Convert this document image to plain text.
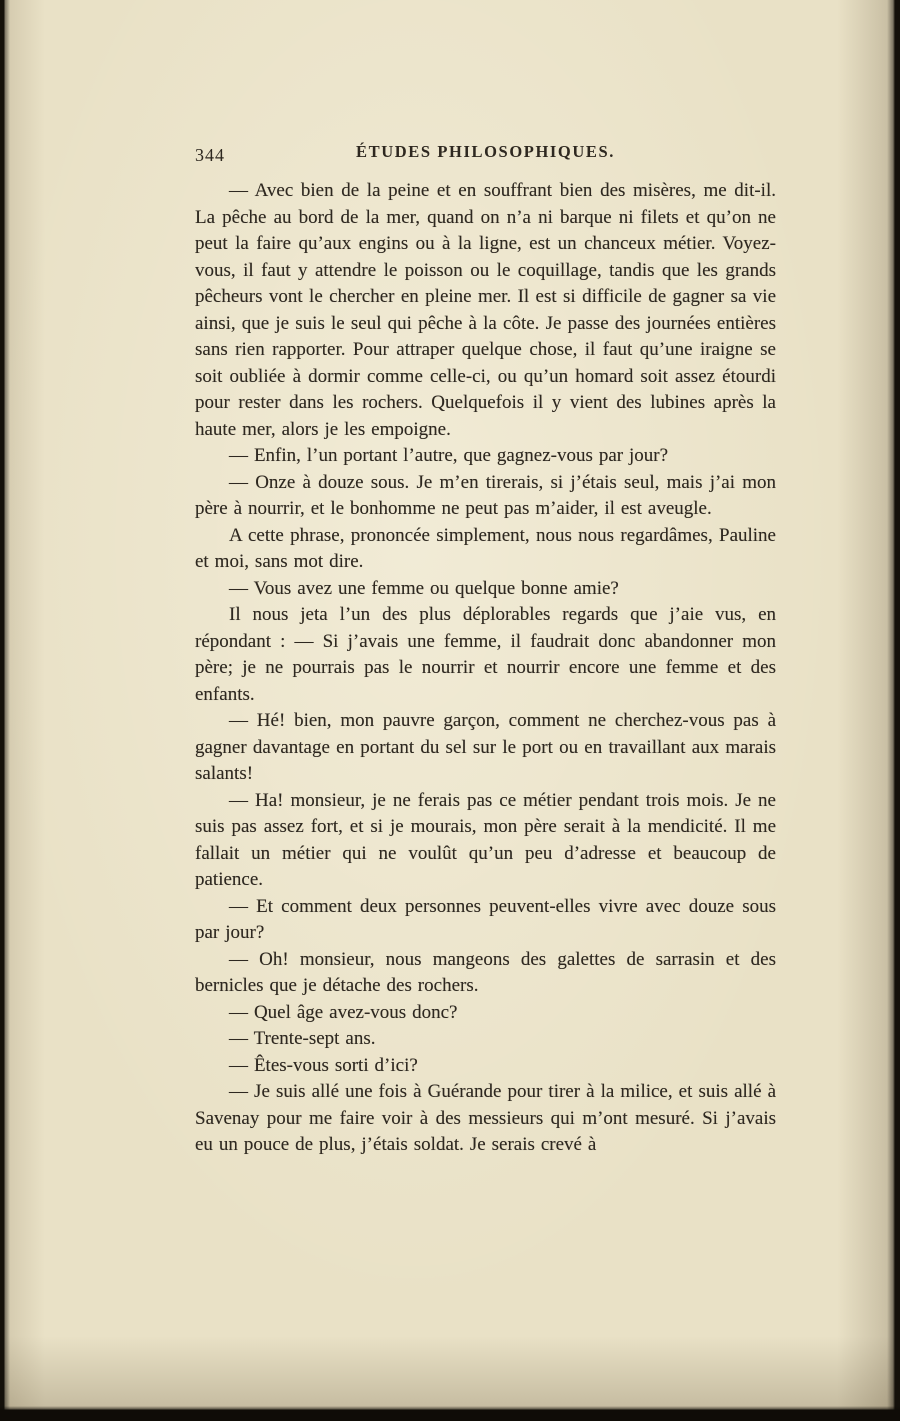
344	ÉTUDES PHILOSOPHIQUES.

— Avec bien de la peine et en souffrant bien des misères, me dit-il. La pêche au bord de la mer, quand on n’a ni barque ni filets et qu’on ne peut la faire qu’aux engins ou à la ligne, est un chanceux métier. Voyez-vous, il faut y attendre le poisson ou le coquillage, tandis que les grands pêcheurs vont le chercher en pleine mer. Il est si difficile de gagner sa vie ainsi, que je suis le seul qui pêche à la côte. Je passe des journées entières sans rien rapporter. Pour attraper quelque chose, il faut qu’une iraigne se soit oubliée à dormir comme celle-ci, ou qu’un homard soit assez étourdi pour rester dans les rochers. Quelquefois il y vient des lubines après la haute mer, alors je les empoigne.

— Enfin, l’un portant l’autre, que gagnez-vous par jour?

— Onze à douze sous. Je m’en tirerais, si j’étais seul, mais j’ai mon père à nourrir, et le bonhomme ne peut pas m’aider, il est aveugle.

A cette phrase, prononcée simplement, nous nous regardâmes, Pauline et moi, sans mot dire.

— Vous avez une femme ou quelque bonne amie?

Il nous jeta l’un des plus déplorables regards que j’aie vus, en répondant : — Si j’avais une femme, il faudrait donc abandonner mon père; je ne pourrais pas le nourrir et nourrir encore une femme et des enfants.

— Hé! bien, mon pauvre garçon, comment ne cherchez-vous pas à gagner davantage en portant du sel sur le port ou en travaillant aux marais salants!

— Ha! monsieur, je ne ferais pas ce métier pendant trois mois. Je ne suis pas assez fort, et si je mourais, mon père serait à la mendicité. Il me fallait un métier qui ne voulût qu’un peu d’adresse et beaucoup de patience.

— Et comment deux personnes peuvent-elles vivre avec douze sous par jour?

— Oh! monsieur, nous mangeons des galettes de sarrasin et des bernicles que je détache des rochers.

— Quel âge avez-vous donc?

— Trente-sept ans.

— Êtes-vous sorti d’ici?

— Je suis allé une fois à Guérande pour tirer à la milice, et suis allé à Savenay pour me faire voir à des messieurs qui m’ont mesuré. Si j’avais eu un pouce de plus, j’étais soldat. Je serais crevé à
